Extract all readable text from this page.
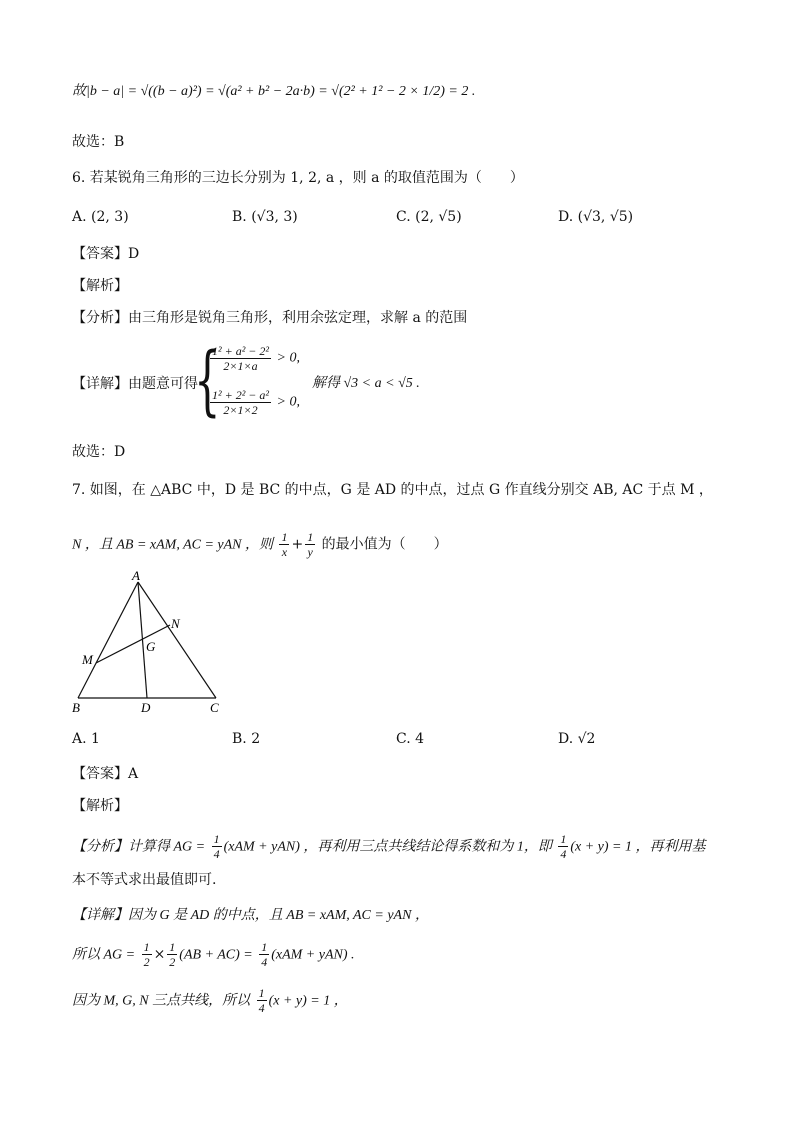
故|b − a| = √((b − a)²) = √(a² + b² − 2a·b) = √(2² + 1² − 2 × 1/2) = 2 .
故选：B
6. 若某锐角三角形的三边长分别为 1, 2, a ，则 a 的取值范围为（　　）
A. (2, 3)	B. (√3, 3)	C. (2, √5)	D. (√3, √5)
【答案】D
【解析】
【分析】由三角形是锐角三角形，利用余弦定理，求解 a 的范围
【详解】由题意可得
{
$\frac{\text{1² + a² − 2²}}{2\times 1\times a} > 0$,
$\frac{\text{1² + 2² − a²}}{2\times 1\times 2} > 0$,
解得 √3 < a < √5 .
故选：D
7. 如图，在 △ABC 中，D 是 BC 的中点，G 是 AD 的中点，过点 G 作直线分别交 AB, AC 于点 M ，
N ，且 AB = xAM, AC = yAN ，则 $\frac{1}{x} + \frac{1}{y}$ 的最小值为（　　）
A
B	C
D
M
N
G
A. 1	B. 2	C. 4	D. √2
【答案】A
【解析】
【分析】计算得 AG = $\frac{1}{4} (xAM + yAN)$ ，再利用三点共线结论得系数和为 1，即 $\frac{1}{4} (x + y) = 1$ ，再利用基
本不等式求出最值即可.
【详解】因为 G 是 AD 的中点，且 AB = xAM, AC = yAN ，
所以 AG = $\frac{1}{2} \times \frac{1}{2} (AB + AC) = \frac{1}{4} (xAM + yAN)$ .
因为 M, G, N 三点共线，所以 $\frac{1}{4} (x + y) = 1$ ，
